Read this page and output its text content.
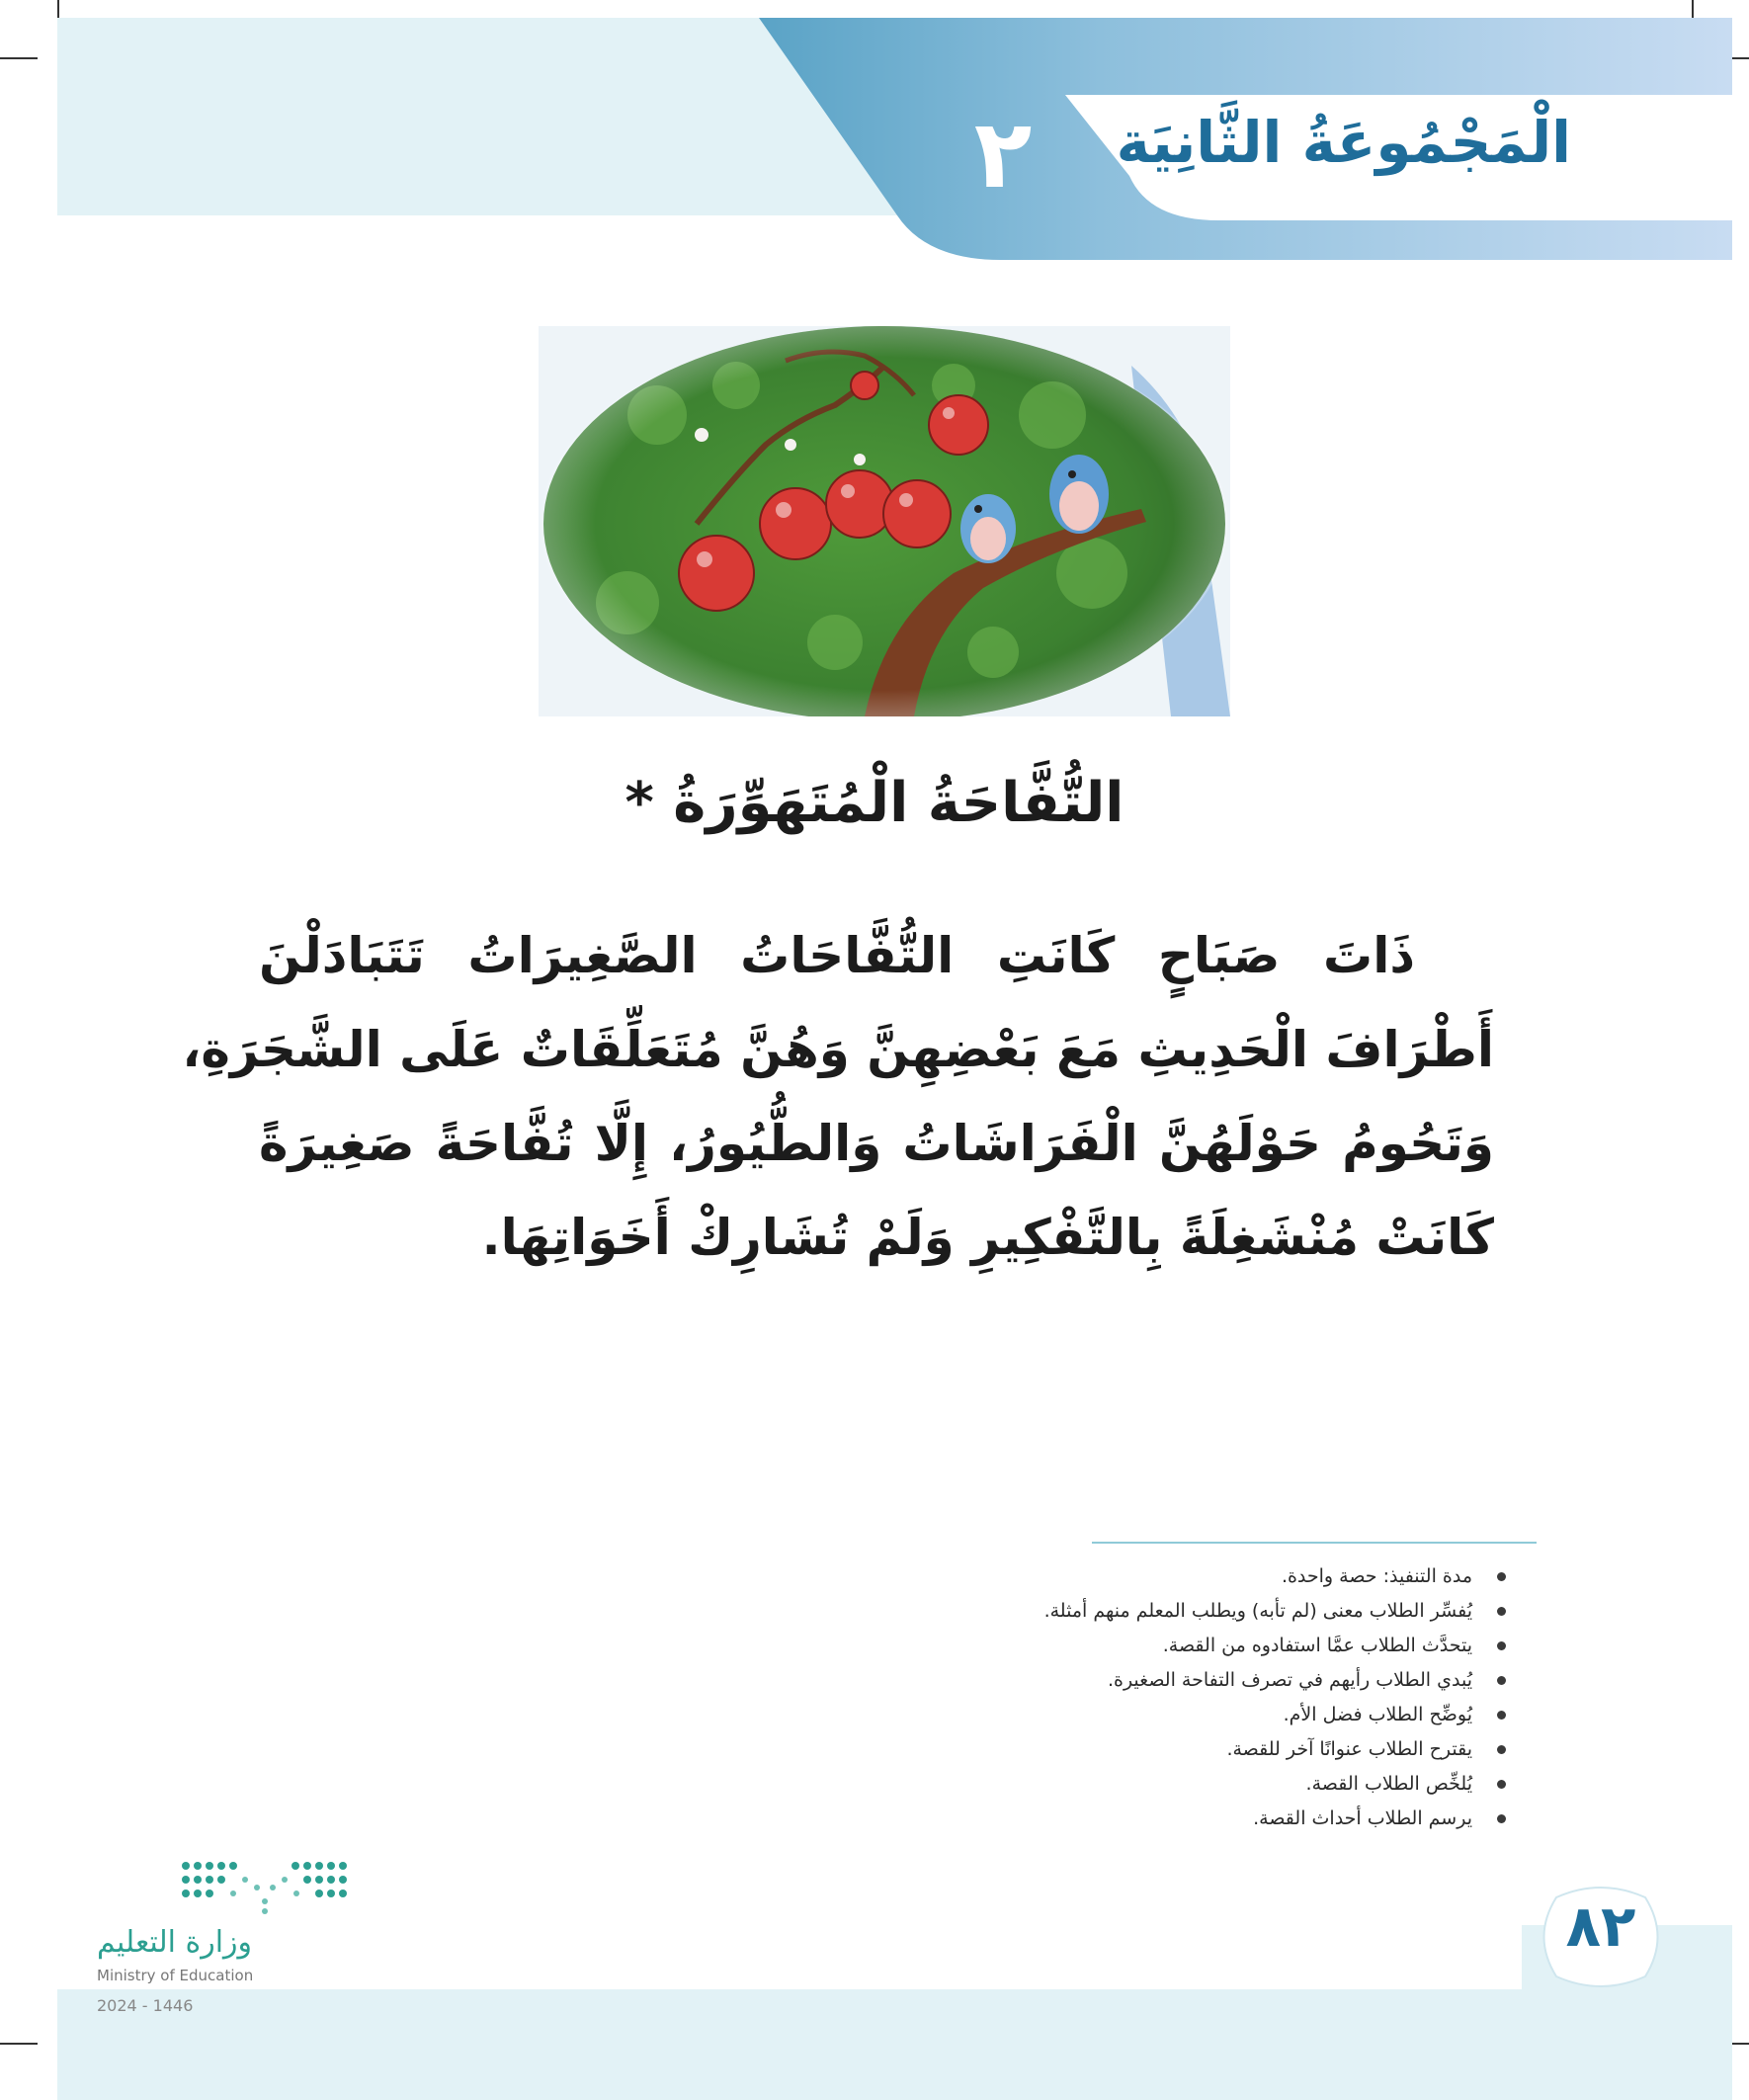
الْمَجْمُوعَةُ الثَّانِيَة
٢
التُّفَّاحَةُ الْمُتَهَوِّرَةُ *

ذَاتَ صَبَاحٍ كَانَتِ التُّفَّاحَاتُ الصَّغِيرَاتُ تَتَبَادَلْنَ

أَطْرَافَ الْحَدِيثِ مَعَ بَعْضِهِنَّ وَهُنَّ مُتَعَلِّقَاتٌ عَلَى الشَّجَرَةِ،

وَتَحُومُ حَوْلَهُنَّ الْفَرَاشَاتُ وَالطُّيُورُ، إِلَّا تُفَّاحَةً صَغِيرَةً

كَانَتْ مُنْشَغِلَةً بِالتَّفْكِيرِ وَلَمْ تُشَارِكْ أَخَوَاتِهَا.

مدة التنفيذ: حصة واحدة.
يُفسِّر الطلاب معنى (لم تأبه) ويطلب المعلم منهم أمثلة.
يتحدَّث الطلاب عمَّا استفادوه من القصة.
يُبدي الطلاب رأيهم في تصرف التفاحة الصغيرة.
يُوضِّح الطلاب فضل الأم.
يقترح الطلاب عنوانًا آخر للقصة.
يُلخِّص الطلاب القصة.
يرسم الطلاب أحداث القصة.
٨٢
وزارة التعليم
Ministry of Education
2024 - 1446
